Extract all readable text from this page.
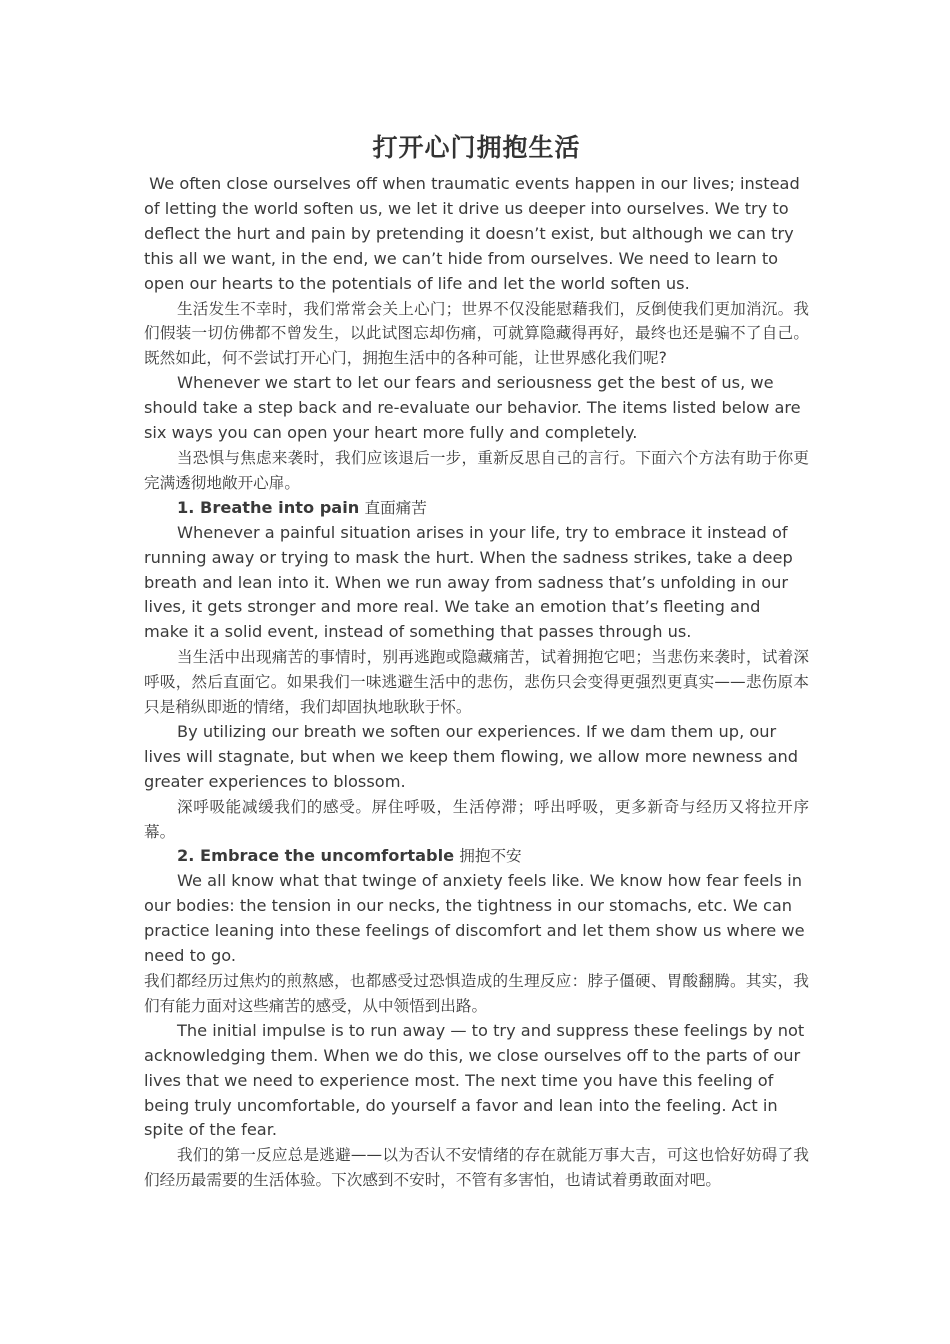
打开心门拥抱生活

We often close ourselves off when traumatic events happen in our lives; instead of letting the world soften us, we let it drive us deeper into ourselves. We try to deflect the hurt and pain by pretending it doesn’t exist, but although we can try this all we want, in the end, we can’t hide from ourselves. We need to learn to open our hearts to the potentials of life and let the world soften us.

生活发生不幸时，我们常常会关上心门；世界不仅没能慰藉我们，反倒使我们更加消沉。我们假装一切仿佛都不曾发生，以此试图忘却伤痛，可就算隐藏得再好，最终也还是骗不了自己。既然如此，何不尝试打开心门，拥抱生活中的各种可能，让世界感化我们呢?

Whenever we start to let our fears and seriousness get the best of us, we should take a step back and re-evaluate our behavior. The items listed below are six ways you can open your heart more fully and completely.

当恐惧与焦虑来袭时，我们应该退后一步，重新反思自己的言行。下面六个方法有助于你更完满透彻地敞开心扉。

1. Breathe into pain 直面痛苦

Whenever a painful situation arises in your life, try to embrace it instead of running away or trying to mask the hurt. When the sadness strikes, take a deep breath and lean into it. When we run away from sadness that’s unfolding in our lives, it gets stronger and more real. We take an emotion that’s fleeting and make it a solid event, instead of something that passes through us.

当生活中出现痛苦的事情时，别再逃跑或隐藏痛苦，试着拥抱它吧；当悲伤来袭时，试着深呼吸，然后直面它。如果我们一味逃避生活中的悲伤，悲伤只会变得更强烈更真实——悲伤原本只是稍纵即逝的情绪，我们却固执地耿耿于怀。

By utilizing our breath we soften our experiences. If we dam them up, our lives will stagnate, but when we keep them flowing, we allow more newness and greater experiences to blossom.

深呼吸能减缓我们的感受。屏住呼吸，生活停滞；呼出呼吸，更多新奇与经历又将拉开序幕。

2. Embrace the uncomfortable 拥抱不安

We all know what that twinge of anxiety feels like. We know how fear feels in our bodies: the tension in our necks, the tightness in our stomachs, etc. We can practice leaning into these feelings of discomfort and let them show us where we need to go.

我们都经历过焦灼的煎熬感，也都感受过恐惧造成的生理反应：脖子僵硬、胃酸翻腾。其实，我们有能力面对这些痛苦的感受，从中领悟到出路。

The initial impulse is to run away — to try and suppress these feelings by not acknowledging them. When we do this, we close ourselves off to the parts of our lives that we need to experience most. The next time you have this feeling of being truly uncomfortable, do yourself a favor and lean into the feeling. Act in spite of the fear.

我们的第一反应总是逃避——以为否认不安情绪的存在就能万事大吉，可这也恰好妨碍了我们经历最需要的生活体验。下次感到不安时，不管有多害怕，也请试着勇敢面对吧。
